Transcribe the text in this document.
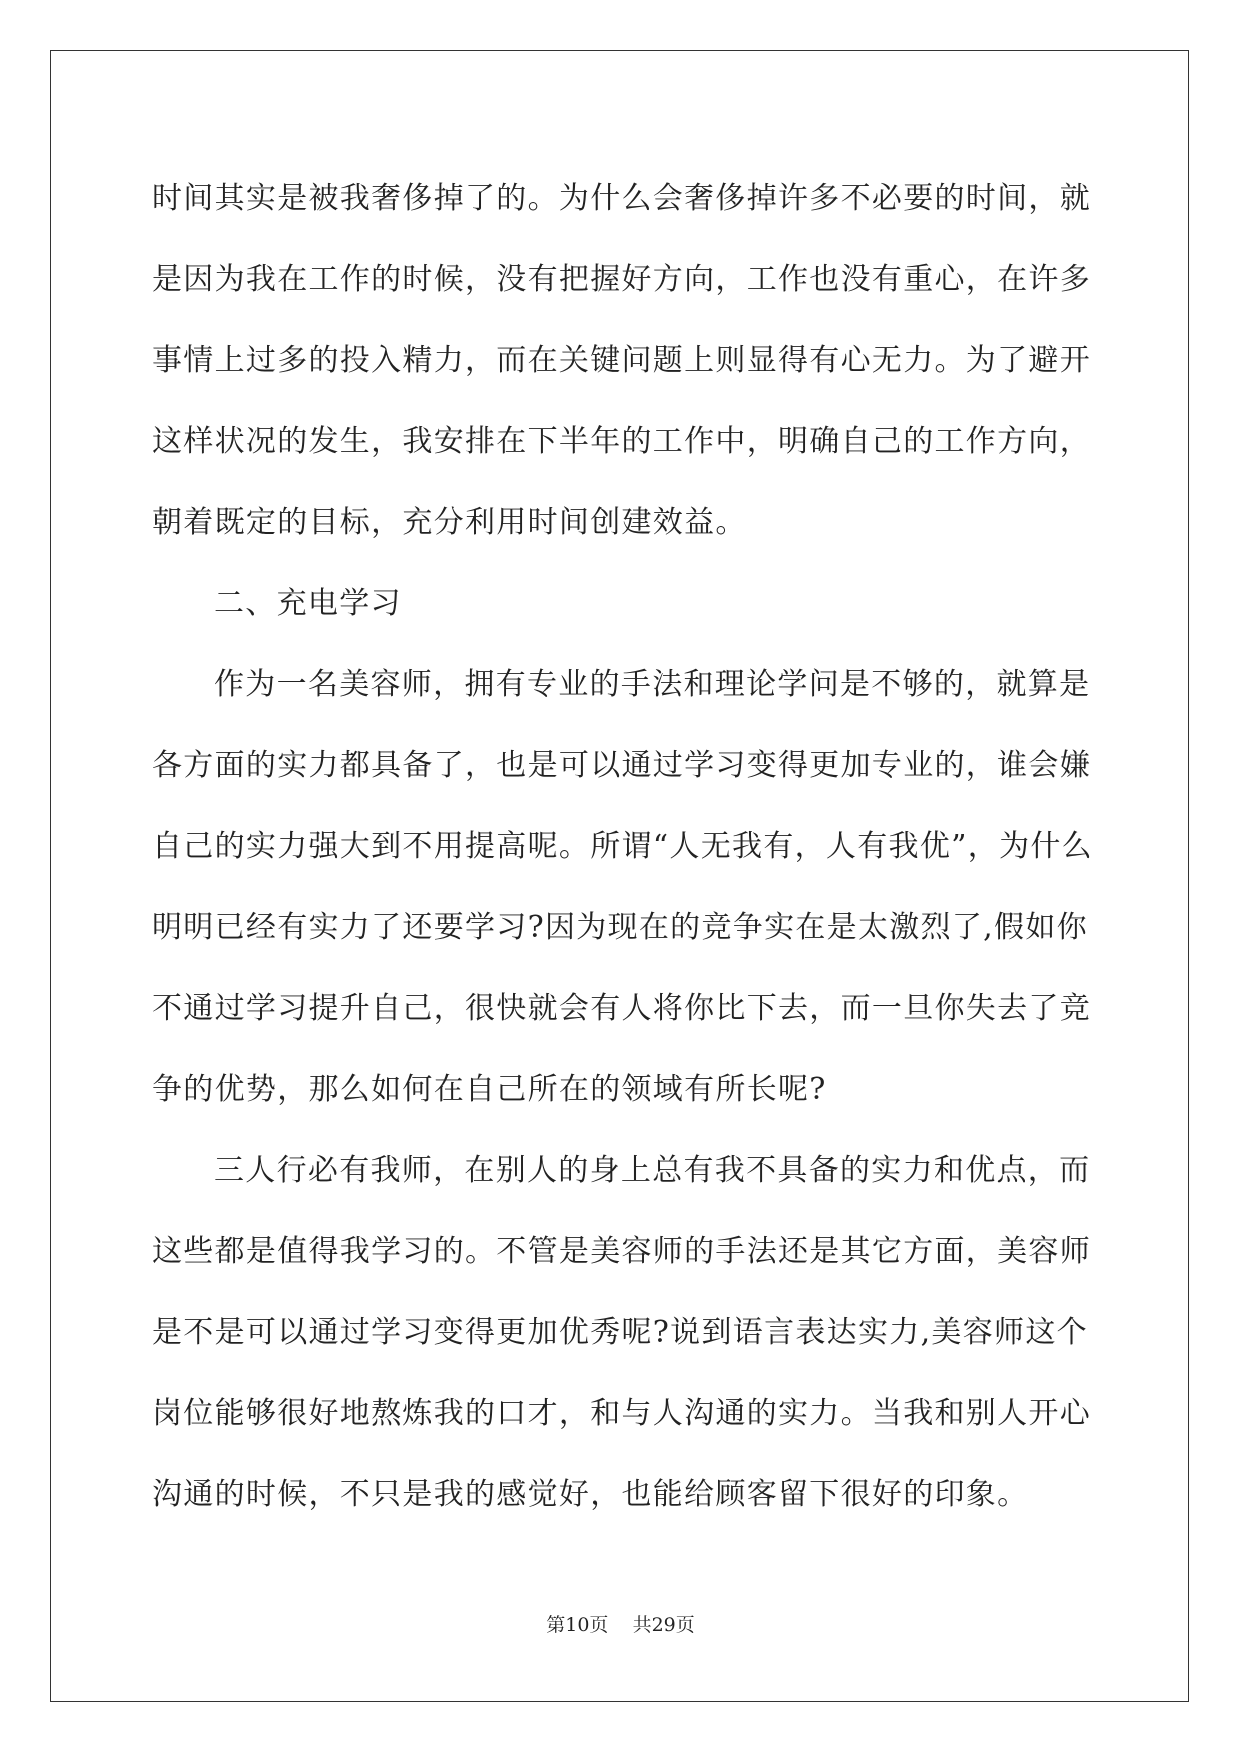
时间其实是被我奢侈掉了的。为什么会奢侈掉许多不必要的时间，就
是因为我在工作的时候，没有把握好方向，工作也没有重心，在许多
事情上过多的投入精力，而在关键问题上则显得有心无力。为了避开
这样状况的发生，我安排在下半年的工作中，明确自己的工作方向，
朝着既定的目标，充分利用时间创建效益。
二、充电学习
作为一名美容师，拥有专业的手法和理论学问是不够的，就算是
各方面的实力都具备了，也是可以通过学习变得更加专业的，谁会嫌
自己的实力强大到不用提高呢。所谓“人无我有，人有我优”，为什么
明明已经有实力了还要学习?因为现在的竞争实在是太激烈了,假如你
不通过学习提升自己，很快就会有人将你比下去，而一旦你失去了竞
争的优势，那么如何在自己所在的领域有所长呢?
三人行必有我师，在别人的身上总有我不具备的实力和优点，而
这些都是值得我学习的。不管是美容师的手法还是其它方面，美容师
是不是可以通过学习变得更加优秀呢?说到语言表达实力,美容师这个
岗位能够很好地熬炼我的口才，和与人沟通的实力。当我和别人开心
沟通的时候，不只是我的感觉好，也能给顾客留下很好的印象。
第10页    共29页
